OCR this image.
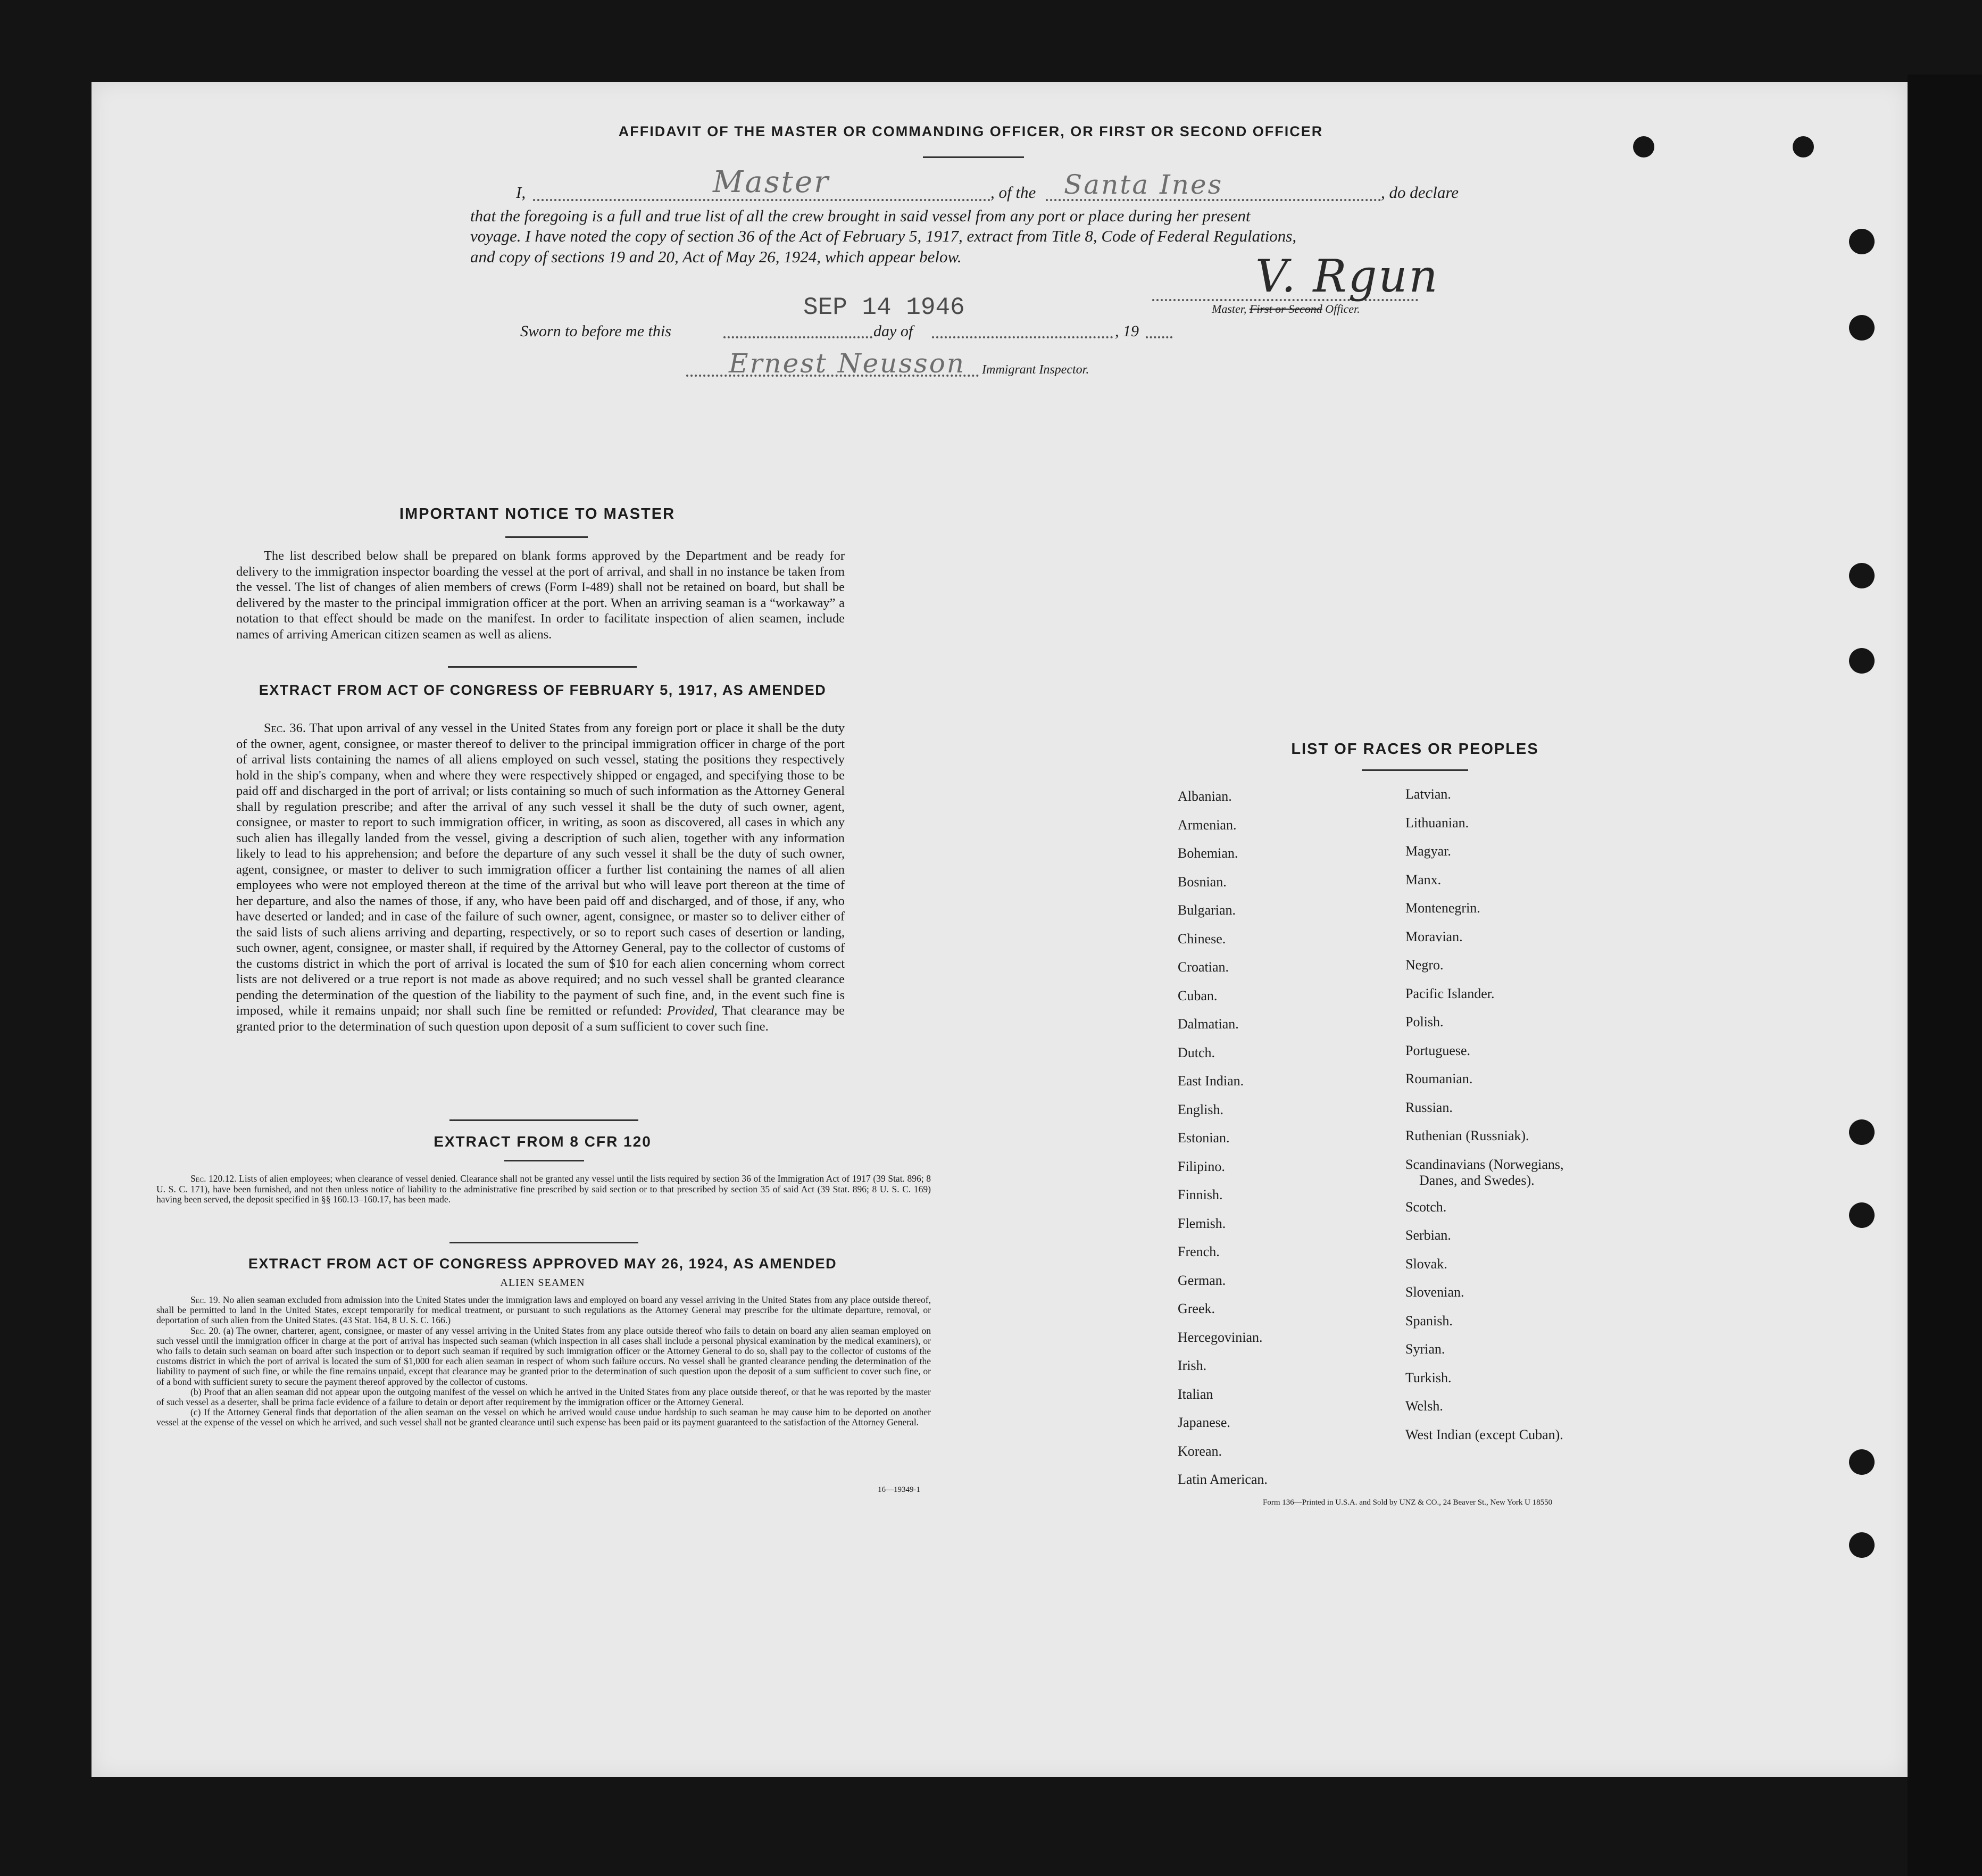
AFFIDAVIT OF THE MASTER OR COMMANDING OFFICER, OR FIRST OR SECOND OFFICER
I,	Master	, of the Santa Ines	, do declare
that the foregoing is a full and true list of all the crew brought in said vessel from any port or place during her present
voyage. I have noted the copy of section 36 of the Act of February 5, 1917, extract from Title 8, Code of Federal Regulations,
and copy of sections 19 and 20, Act of May 26, 1924, which appear below.	V. Rgun
Master, First or Second Officer.
SEP 14 1946
Sworn to before me this	day of	, 19
Ernest Neusson Immigrant Inspector.
IMPORTANT NOTICE TO MASTER
The list described below shall be prepared on blank forms approved by the Department and be ready for delivery to the immigration inspector boarding the vessel at the port of arrival, and shall in no instance be taken from the vessel. The list of changes of alien members of crews (Form I-489) shall not be retained on board, but shall be delivered by the master to the principal immigration officer at the port. When an arriving seaman is a “workaway” a notation to that effect should be made on the manifest. In order to facilitate inspection of alien seamen, include names of arriving American citizen seamen as well as aliens.
EXTRACT FROM ACT OF CONGRESS OF FEBRUARY 5, 1917, AS AMENDED
Sec. 36. That upon arrival of any vessel in the United States from any foreign port or place it shall be the duty of the owner, agent, consignee, or master thereof to deliver to the principal immigration officer in charge of the port of arrival lists containing the names of all aliens employed on such vessel, stating the positions they respectively hold in the ship's company, when and where they were respectively shipped or engaged, and specifying those to be paid off and discharged in the port of arrival; or lists containing so much of such information as the Attorney General shall by regulation prescribe; and after the arrival of any such vessel it shall be the duty of such owner, agent, consignee, or master to report to such immigration officer, in writing, as soon as discovered, all cases in which any such alien has illegally landed from the vessel, giving a description of such alien, together with any information likely to lead to his apprehension; and before the departure of any such vessel it shall be the duty of such owner, agent, consignee, or master to deliver to such immigration officer a further list containing the names of all alien employees who were not employed thereon at the time of the arrival but who will leave port thereon at the time of her departure, and also the names of those, if any, who have been paid off and discharged, and of those, if any, who have deserted or landed; and in case of the failure of such owner, agent, consignee, or master so to deliver either of the said lists of such aliens arriving and departing, respectively, or so to report such cases of desertion or landing, such owner, agent, consignee, or master shall, if required by the Attorney General, pay to the collector of customs of the customs district in which the port of arrival is located the sum of $10 for each alien concerning whom correct lists are not delivered or a true report is not made as above required; and no such vessel shall be granted clearance pending the determination of the question of the liability to the payment of such fine, and, in the event such fine is imposed, while it remains unpaid; nor shall such fine be remitted or refunded: Provided, That clearance may be granted prior to the determination of such question upon deposit of a sum sufficient to cover such fine.
EXTRACT FROM 8 CFR 120
Sec. 120.12. Lists of alien employees; when clearance of vessel denied. Clearance shall not be granted any vessel until the lists required by section 36 of the Immigration Act of 1917 (39 Stat. 896; 8 U. S. C. 171), have been furnished, and not then unless notice of liability to the administrative fine prescribed by said section or to that prescribed by section 35 of said Act (39 Stat. 896; 8 U. S. C. 169) having been served, the deposit specified in §§ 160.13–160.17, has been made.
EXTRACT FROM ACT OF CONGRESS APPROVED MAY 26, 1924, AS AMENDED
ALIEN SEAMEN
Sec. 19. No alien seaman excluded from admission into the United States under the immigration laws and employed on board any vessel arriving in the United States from any place outside thereof, shall be permitted to land in the United States, except temporarily for medical treatment, or pursuant to such regulations as the Attorney General may prescribe for the ultimate departure, removal, or deportation of such alien from the United States. (43 Stat. 164, 8 U. S. C. 166.)
Sec. 20. (a) The owner, charterer, agent, consignee, or master of any vessel arriving in the United States from any place outside thereof who fails to detain on board any alien seaman employed on such vessel until the immigration officer in charge at the port of arrival has inspected such seaman (which inspection in all cases shall include a personal physical examination by the medical examiners), or who fails to detain such seaman on board after such inspection or to deport such seaman if required by such immigration officer or the Attorney General to do so, shall pay to the collector of customs of the customs district in which the port of arrival is located the sum of $1,000 for each alien seaman in respect of whom such failure occurs. No vessel shall be granted clearance pending the determination of the liability to payment of such fine, or while the fine remains unpaid, except that clearance may be granted prior to the determination of such question upon the deposit of a sum sufficient to cover such fine, or of a bond with sufficient surety to secure the payment thereof approved by the collector of customs.
(b) Proof that an alien seaman did not appear upon the outgoing manifest of the vessel on which he arrived in the United States from any place outside thereof, or that he was reported by the master of such vessel as a deserter, shall be prima facie evidence of a failure to detain or deport after requirement by the immigration officer or the Attorney General.
(c) If the Attorney General finds that deportation of the alien seaman on the vessel on which he arrived would cause undue hardship to such seaman he may cause him to be deported on another vessel at the expense of the vessel on which he arrived, and such vessel shall not be granted clearance until such expense has been paid or its payment guaranteed to the satisfaction of the Attorney General.
16—19349-1
LIST OF RACES OR PEOPLES
Albanian.
Armenian.
Bohemian.
Bosnian.
Bulgarian.
Chinese.
Croatian.
Cuban.
Dalmatian.
Dutch.
East Indian.
English.
Estonian.
Filipino.
Finnish.
Flemish.
French.
German.
Greek.
Hercegovinian.
Irish.
Italian
Japanese.
Korean.
Latin American.
Latvian.
Lithuanian.
Magyar.
Manx.
Montenegrin.
Moravian.
Negro.
Pacific Islander.
Polish.
Portuguese.
Roumanian.
Russian.
Ruthenian (Russniak).
Scandinavians (Norwegians,
Danes, and Swedes).
Scotch.
Serbian.
Slovak.
Slovenian.
Spanish.
Syrian.
Turkish.
Welsh.
West Indian (except Cuban).
Form 136—Printed in U.S.A. and Sold by UNZ & CO., 24 Beaver St., New York U 18550
